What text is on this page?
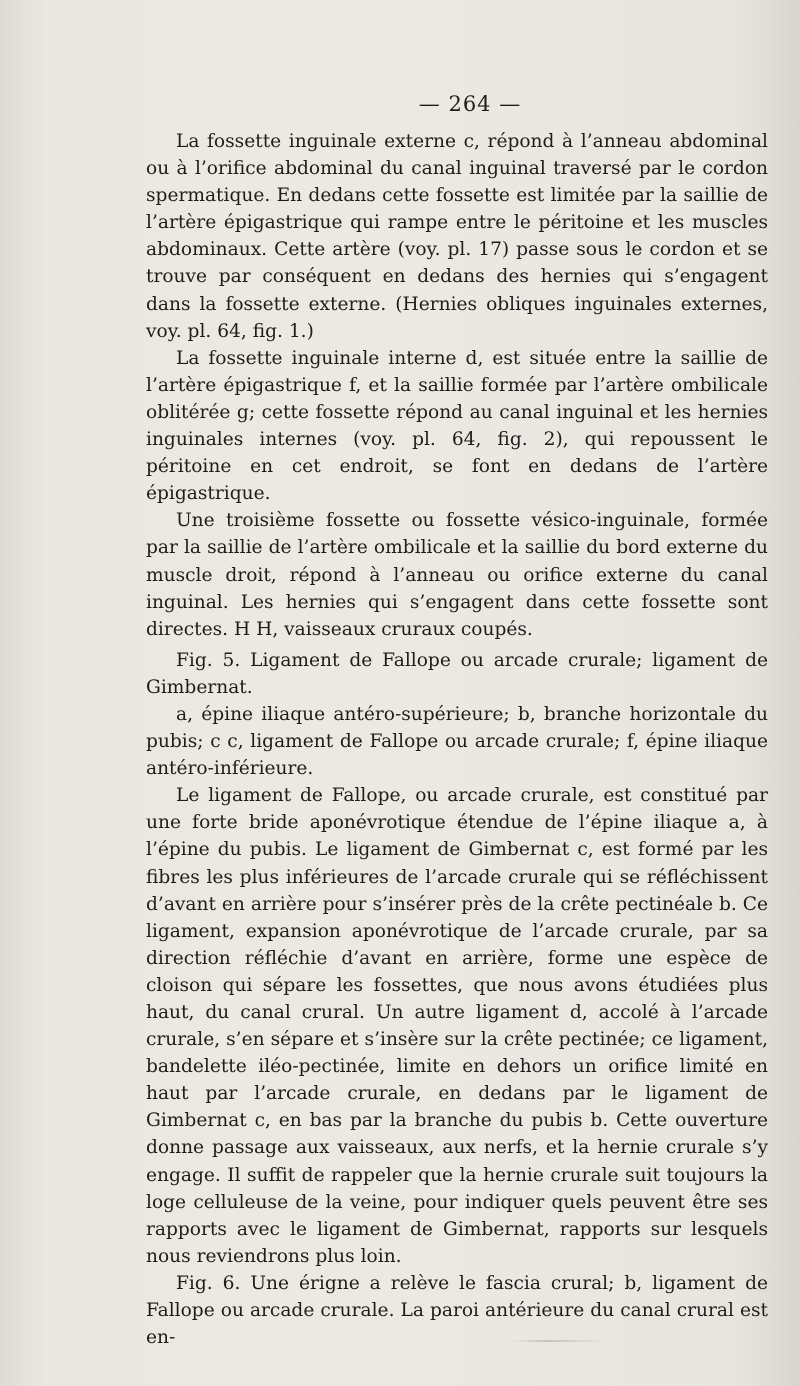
— 264 —

La fossette inguinale externe c, répond à l’anneau abdominal ou à l’orifice abdominal du canal inguinal traversé par le cordon spermatique. En dedans cette fossette est limitée par la saillie de l’artère épigastrique qui rampe entre le péritoine et les muscles abdominaux. Cette artère (voy. pl. 17) passe sous le cordon et se trouve par conséquent en dedans des hernies qui s’engagent dans la fossette externe. (Hernies obliques inguinales externes, voy. pl. 64, fig. 1.)

La fossette inguinale interne d, est située entre la saillie de l’artère épigastrique f, et la saillie formée par l’artère ombilicale oblitérée g; cette fossette répond au canal inguinal et les hernies inguinales internes (voy. pl. 64, fig. 2), qui repoussent le péritoine en cet endroit, se font en dedans de l’artère épigastrique.

Une troisième fossette ou fossette vésico-inguinale, formée par la saillie de l’artère ombilicale et la saillie du bord externe du muscle droit, répond à l’anneau ou orifice externe du canal inguinal. Les hernies qui s’engagent dans cette fossette sont directes. H H, vaisseaux cruraux coupés.

Fig. 5. Ligament de Fallope ou arcade crurale; ligament de Gimbernat.

a, épine iliaque antéro-supérieure; b, branche horizontale du pubis; c c, ligament de Fallope ou arcade crurale; f, épine iliaque antéro-inférieure.

Le ligament de Fallope, ou arcade crurale, est constitué par une forte bride aponévrotique étendue de l’épine iliaque a, à l’épine du pubis. Le ligament de Gimbernat c, est formé par les fibres les plus inférieures de l’arcade crurale qui se réfléchissent d’avant en arrière pour s’insérer près de la crête pectinéale b. Ce ligament, expansion aponévrotique de l’arcade crurale, par sa direction réfléchie d’avant en arrière, forme une espèce de cloison qui sépare les fossettes, que nous avons étudiées plus haut, du canal crural. Un autre ligament d, accolé à l’arcade crurale, s’en sépare et s’insère sur la crête pectinée; ce ligament, bandelette iléo-pectinée, limite en dehors un orifice limité en haut par l’arcade crurale, en dedans par le ligament de Gimbernat c, en bas par la branche du pubis b. Cette ouverture donne passage aux vaisseaux, aux nerfs, et la hernie crurale s’y engage. Il suffit de rappeler que la hernie crurale suit toujours la loge celluleuse de la veine, pour indiquer quels peuvent être ses rapports avec le ligament de Gimbernat, rapports sur lesquels nous reviendrons plus loin.

Fig. 6. Une érigne a relève le fascia crural; b, ligament de Fallope ou arcade crurale. La paroi antérieure du canal crural est en-
